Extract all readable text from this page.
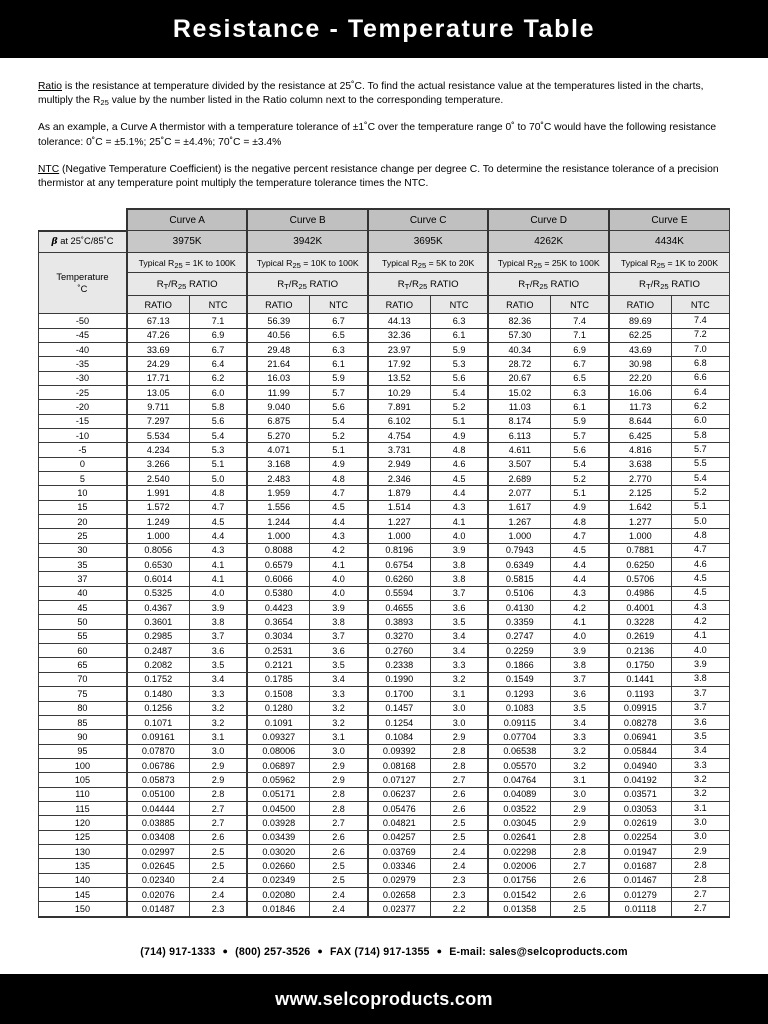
Resistance - Temperature Table

Ratio is the resistance at temperature divided by the resistance at 25˚C. To find the actual resistance value at the temperatures listed in the charts, multiply the $R_{25}$ value by the number listed in the Ratio column next to the corresponding temperature.

As an example, a Curve A thermistor with a temperature tolerance of ±1˚C over the temperature range 0˚ to 70˚C would have the following resistance tolerance: 0˚C = ±5.1%; 25˚C = ±4.4%; 70˚C = ±3.4%

NTC (Negative Temperature Coefficient) is the negative percent resistance change per degree C. To determine the resistance tolerance of a precision thermistor at any temperature point multiply the temperature tolerance times the NTC.

	Curve A		Curve B		Curve C		Curve D		Curve E	
β at 25˚C/85˚C	3975K		3942K		3695K		4262K		4434K	

Temperature
˚C	Typical $R_{25} = 1K$ to 100K		Typical $R_{25} = 10K$ to 100K		Typical $R_{25} = 5K$ to 20K		Typical $R_{25} = 25K$ to 100K		Typical $R_{25} = 1K$ to 200K	
	$R_T/R_{25}$ RATIO		$R_T/R_{25}$ RATIO		$R_T/R_{25}$ RATIO		$R_T/R_{25}$ RATIO		$R_T/R_{25}$ RATIO	
	RATIO	NTC	RATIO	NTC	RATIO	NTC	RATIO	NTC	RATIO	NTC
-50	67.13	7.1	56.39	6.7	44.13	6.3	82.36	7.4	89.69	7.4
-45	47.26	6.9	40.56	6.5	32.36	6.1	57.30	7.1	62.25	7.2
-40	33.69	6.7	29.48	6.3	23.97	5.9	40.34	6.9	43.69	7.0
-35	24.29	6.4	21.64	6.1	17.92	5.3	28.72	6.7	30.98	6.8
-30	17.71	6.2	16.03	5.9	13.52	5.6	20.67	6.5	22.20	6.6
-25	13.05	6.0	11.99	5.7	10.29	5.4	15.02	6.3	16.06	6.4
-20	9.711	5.8	9.040	5.6	7.891	5.2	11.03	6.1	11.73	6.2
-15	7.297	5.6	6.875	5.4	6.102	5.1	8.174	5.9	8.644	6.0
-10	5.534	5.4	5.270	5.2	4.754	4.9	6.113	5.7	6.425	5.8
-5	4.234	5.3	4.071	5.1	3.731	4.8	4.611	5.6	4.816	5.7
0	3.266	5.1	3.168	4.9	2.949	4.6	3.507	5.4	3.638	5.5
5	2.540	5.0	2.483	4.8	2.346	4.5	2.689	5.2	2.770	5.4
10	1.991	4.8	1.959	4.7	1.879	4.4	2.077	5.1	2.125	5.2
15	1.572	4.7	1.556	4.5	1.514	4.3	1.617	4.9	1.642	5.1
20	1.249	4.5	1.244	4.4	1.227	4.1	1.267	4.8	1.277	5.0
25	1.000	4.4	1.000	4.3	1.000	4.0	1.000	4.7	1.000	4.8
30	0.8056	4.3	0.8088	4.2	0.8196	3.9	0.7943	4.5	0.7881	4.7
35	0.6530	4.1	0.6579	4.1	0.6754	3.8	0.6349	4.4	0.6250	4.6
37	0.6014	4.1	0.6066	4.0	0.6260	3.8	0.5815	4.4	0.5706	4.5
40	0.5325	4.0	0.5380	4.0	0.5594	3.7	0.5106	4.3	0.4986	4.5
45	0.4367	3.9	0.4423	3.9	0.4655	3.6	0.4130	4.2	0.4001	4.3
50	0.3601	3.8	0.3654	3.8	0.3893	3.5	0.3359	4.1	0.3228	4.2
55	0.2985	3.7	0.3034	3.7	0.3270	3.4	0.2747	4.0	0.2619	4.1
60	0.2487	3.6	0.2531	3.6	0.2760	3.4	0.2259	3.9	0.2136	4.0
65	0.2082	3.5	0.2121	3.5	0.2338	3.3	0.1866	3.8	0.1750	3.9
70	0.1752	3.4	0.1785	3.4	0.1990	3.2	0.1549	3.7	0.1441	3.8
75	0.1480	3.3	0.1508	3.3	0.1700	3.1	0.1293	3.6	0.1193	3.7
80	0.1256	3.2	0.1280	3.2	0.1457	3.0	0.1083	3.5	0.09915	3.7
85	0.1071	3.2	0.1091	3.2	0.1254	3.0	0.09115	3.4	0.08278	3.6
90	0.09161	3.1	0.09327	3.1	0.1084	2.9	0.07704	3.3	0.06941	3.5
95	0.07870	3.0	0.08006	3.0	0.09392	2.8	0.06538	3.2	0.05844	3.4
100	0.06786	2.9	0.06897	2.9	0.08168	2.8	0.05570	3.2	0.04940	3.3
105	0.05873	2.9	0.05962	2.9	0.07127	2.7	0.04764	3.1	0.04192	3.2
110	0.05100	2.8	0.05171	2.8	0.06237	2.6	0.04089	3.0	0.03571	3.2
115	0.04444	2.7	0.04500	2.8	0.05476	2.6	0.03522	2.9	0.03053	3.1
120	0.03885	2.7	0.03928	2.7	0.04821	2.5	0.03045	2.9	0.02619	3.0
125	0.03408	2.6	0.03439	2.6	0.04257	2.5	0.02641	2.8	0.02254	3.0
130	0.02997	2.5	0.03020	2.6	0.03769	2.4	0.02298	2.8	0.01947	2.9
135	0.02645	2.5	0.02660	2.5	0.03346	2.4	0.02006	2.7	0.01687	2.8
140	0.02340	2.4	0.02349	2.5	0.02979	2.3	0.01756	2.6	0.01467	2.8
145	0.02076	2.4	0.02080	2.4	0.02658	2.3	0.01542	2.6	0.01279	2.7
150	0.01487	2.3	0.01846	2.4	0.02377	2.2	0.01358	2.5	0.01118	2.7
(714) 917-1333 ● (800) 257-3526 ● FAX (714) 917-1355 ● E-mail: sales@selcoproducts.com
www.selcoproducts.com
